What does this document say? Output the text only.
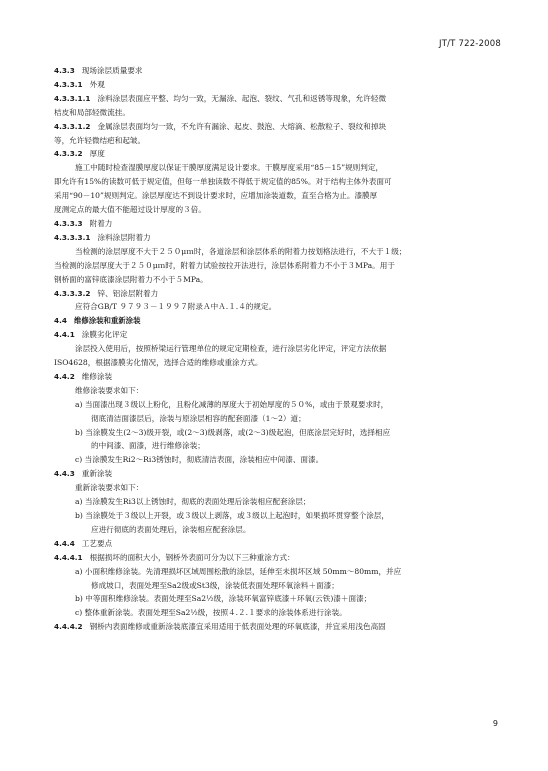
JT/T 722-2008
4.3.3 现场涂层质量要求
4.3.3.1 外观
4.3.3.1.1 涂料涂层表面应平整、均匀一致，无漏涂、起泡、裂纹、气孔和返锈等现象，允许轻微
桔皮和局部轻微流挂。
4.3.3.1.2 金属涂层表面均匀一致，不允许有漏涂、起皮、鼓泡、大熔滴、松散粒子、裂纹和掉块
等，允许轻微结疤和起皱。
4.3.3.2 厚度
施工中随时检查湿膜厚度以保证干膜厚度满足设计要求。干膜厚度采用“85－15”规则判定，
即允许有15%的读数可低于规定值，但每一单独读数不得低于规定值的85%。对于结构主体外表面可
采用“90－10”规则判定。涂层厚度达不到设计要求时，应增加涂装道数，直至合格为止。漆膜厚
度测定点的最大值不能超过设计厚度的３倍。
4.3.3.3 附着力
4.3.3.3.1 涂料涂层附着力
当检测的涂层厚度不大于２５０μｍ时，各道涂层和涂层体系的附着力按划格法进行，不大于１级；
当检测的涂层厚度大于２５０μｍ时，附着力试验按拉开法进行，涂层体系附着力不小于３MPa。用于
钢桥面的富锌底漆涂层附着力不小于５MPa。
4.3.3.3.2 锌、铝涂层附着力
应符合GB/T ９７９３－１９９７附录Ａ中Ａ.１.４的规定。
4.4 维修涂装和重新涂装
4.4.1 涂膜劣化评定
涂层投入使用后，按照桥梁运行管理单位的规定定期检查，进行涂层劣化评定，评定方法依据
ISO4628，根据漆膜劣化情况，选择合适的维修或重涂方式。
4.4.2 维修涂装
维修涂装要求如下：
a) 当面漆出现３级以上粉化，且粉化减薄的厚度大于初始厚度的５０%，或由于景观要求时，
彻底清洁面漆层后，涂装与原涂层相容的配套面漆（1～2）道；
b) 当涂膜发生(2～3)级开裂，或(2～3)级剥落，或(2～3)级起泡，但底涂层完好时，选择相应
的中间漆、面漆，进行维修涂装；
c) 当涂膜发生Ri2～Ri3锈蚀时，彻底清洁表面，涂装相应中间漆、面漆。
4.4.3 重新涂装
重新涂装要求如下：
a) 当涂膜发生Ri3以上锈蚀时，彻底的表面处理后涂装相应配套涂层；
b) 当涂膜处于３级以上开裂，或３级以上剥落，或３级以上起泡时，如果损坏贯穿整个涂层，
应进行彻底的表面处理后，涂装相应配套涂层。
4.4.4 工艺要点
4.4.4.1 根据损坏的面积大小，钢桥外表面可分为以下三种重涂方式：
a) 小面积维修涂装。先清理损坏区域周围松散的涂层，延伸至未损坏区域 50mm～80mm，并应
修成坡口，表面处理至Sa2级或St3级，涂装低表面处理环氧涂料＋面漆；
b) 中等面积维修涂装。表面处理至Sa2½级，涂装环氧富锌底漆＋环氧(云铁)漆＋面漆；
c) 整体重新涂装。表面处理至Sa2½级，按照４.２.１要求的涂装体系进行涂装。
4.4.4.2 钢桥内表面维修或重新涂装底漆宜采用适用于低表面处理的环氧底漆，并宜采用浅色高固
9
